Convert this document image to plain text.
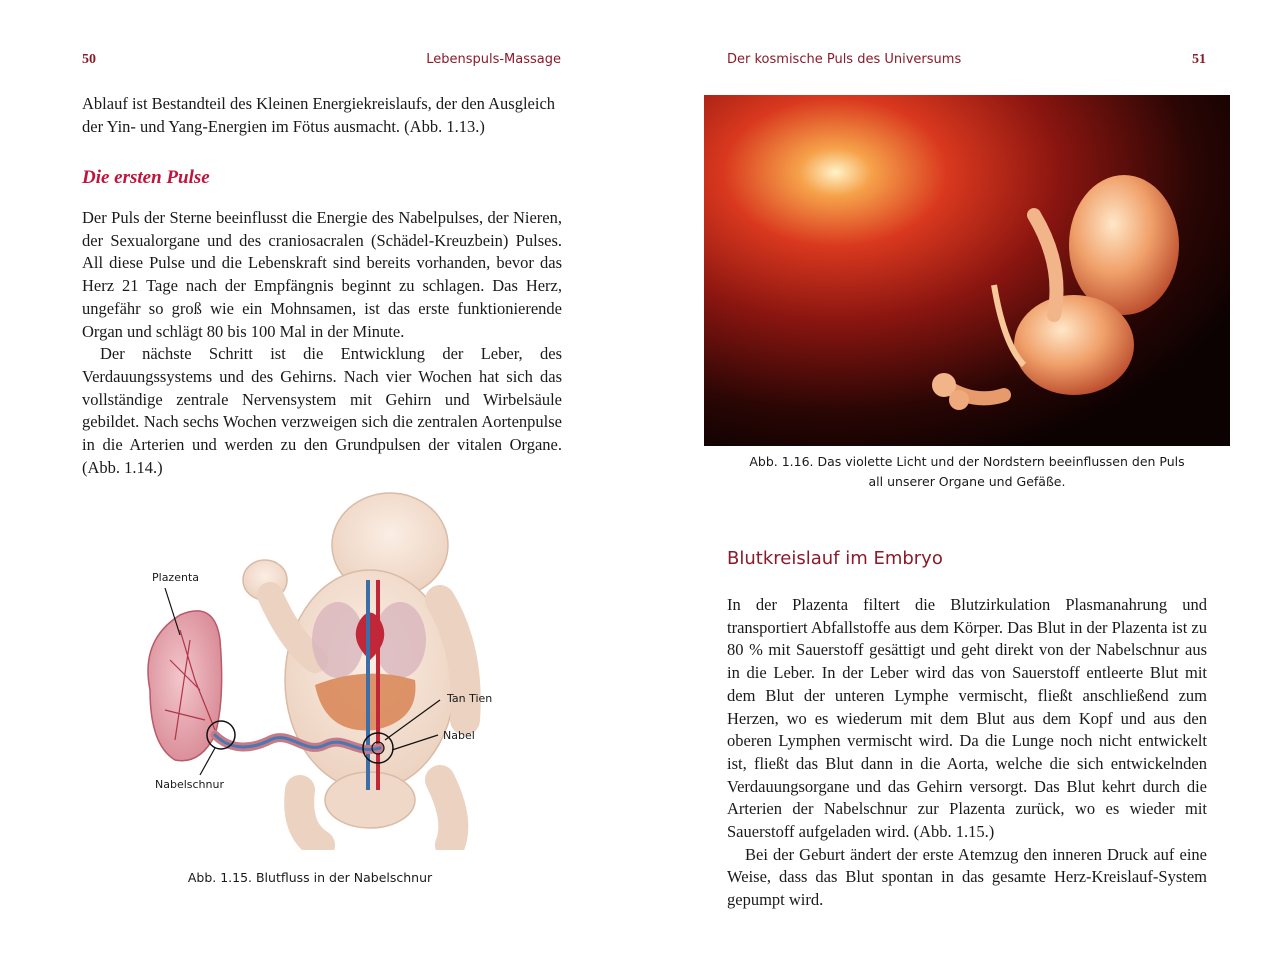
50	Lebenspuls-Massage

Ablauf ist Bestandteil des Kleinen Energiekreislaufs, der den Ausgleich

der Yin- und Yang-Energien im Fötus ausmacht. (Abb. 1.13.)

Die ersten Pulse

Der Puls der Sterne beeinflusst die Energie des Nabelpulses, der Nieren, der Sexualorgane und des craniosacralen (Schädel-Kreuzbein) Pulses. All diese Pulse und die Lebenskraft sind bereits vorhanden, bevor das Herz 21 Tage nach der Empfängnis beginnt zu schlagen. Das Herz, ungefähr so groß wie ein Mohnsamen, ist das erste funktionierende Organ und schlägt 80 bis 100 Mal in der Minute.

Der nächste Schritt ist die Entwicklung der Leber, des Verdauungssystems und des Gehirns. Nach vier Wochen hat sich das vollständige zentrale Nervensystem mit Gehirn und Wirbelsäule gebildet. Nach sechs Wochen verzweigen sich die zentralen Aortenpulse in die Arterien und werden zu den Grundpulsen der vitalen Organe. (Abb. 1.14.)

Plazenta
Tan Tien
Nabel
Nabelschnur
Abb. 1.15. Blutfluss in der Nabelschnur
Der kosmische Puls des Universums	51
Abb. 1.16. Das violette Licht und der Nordstern beeinflussen den Puls
all unserer Organe und Gefäße.
Blutkreislauf im Embryo

In der Plazenta filtert die Blutzirkulation Plasmanahrung und transportiert Abfallstoffe aus dem Körper. Das Blut in der Plazenta ist zu 80 % mit Sauerstoff gesättigt und geht direkt von der Nabelschnur aus in die Leber. In der Leber wird das von Sauerstoff entleerte Blut mit dem Blut der unteren Lymphe vermischt, fließt anschließend zum Herzen, wo es wiederum mit dem Blut aus dem Kopf und aus den oberen Lymphen vermischt wird. Da die Lunge noch nicht entwickelt ist, fließt das Blut dann in die Aorta, welche die sich entwickelnden Verdauungsorgane und das Gehirn versorgt. Das Blut kehrt durch die Arterien der Nabelschnur zur Plazenta zurück, wo es wieder mit Sauerstoff aufgeladen wird. (Abb. 1.15.)

Bei der Geburt ändert der erste Atemzug den inneren Druck auf eine Weise, dass das Blut spontan in das gesamte Herz-Kreislauf-System gepumpt wird.
